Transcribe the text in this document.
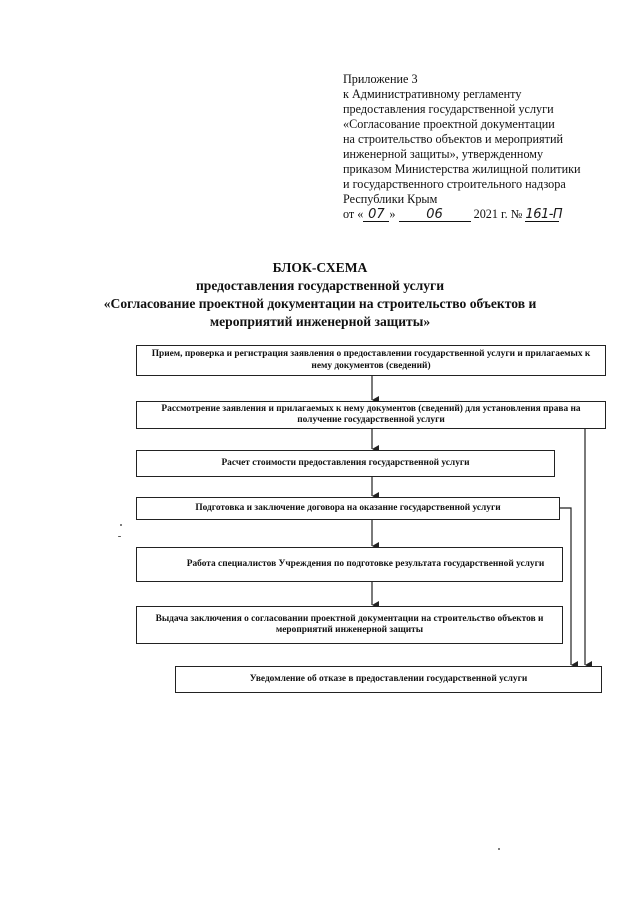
Приложение 3
к Административному регламенту
предоставления государственной услуги
«Согласование проектной документации
на строительство объектов и мероприятий
инженерной защиты», утвержденному
приказом Министерства жилищной политики
и государственного строительного надзора
Республики Крым
от « 07 » 06	2021 г. № 161-П
БЛОК-СХЕМА
предоставления государственной услуги
«Согласование проектной документации на строительство объектов и
мероприятий инженерной защиты»
Прием, проверка и регистрация заявления о предоставлении государственной услуги и прилагаемых к нему документов (сведений)
Рассмотрение заявления и прилагаемых к нему документов (сведений) для установления права на получение государственной услуги
Расчет стоимости предоставления государственной услуги
Подготовка и заключение договора на оказание государственной услуги
Работа специалистов Учреждения по подготовке результата государственной услуги
Выдача заключения о согласовании проектной документации на строительство объектов и мероприятий инженерной защиты
Уведомление об отказе в предоставлении государственной услуги
